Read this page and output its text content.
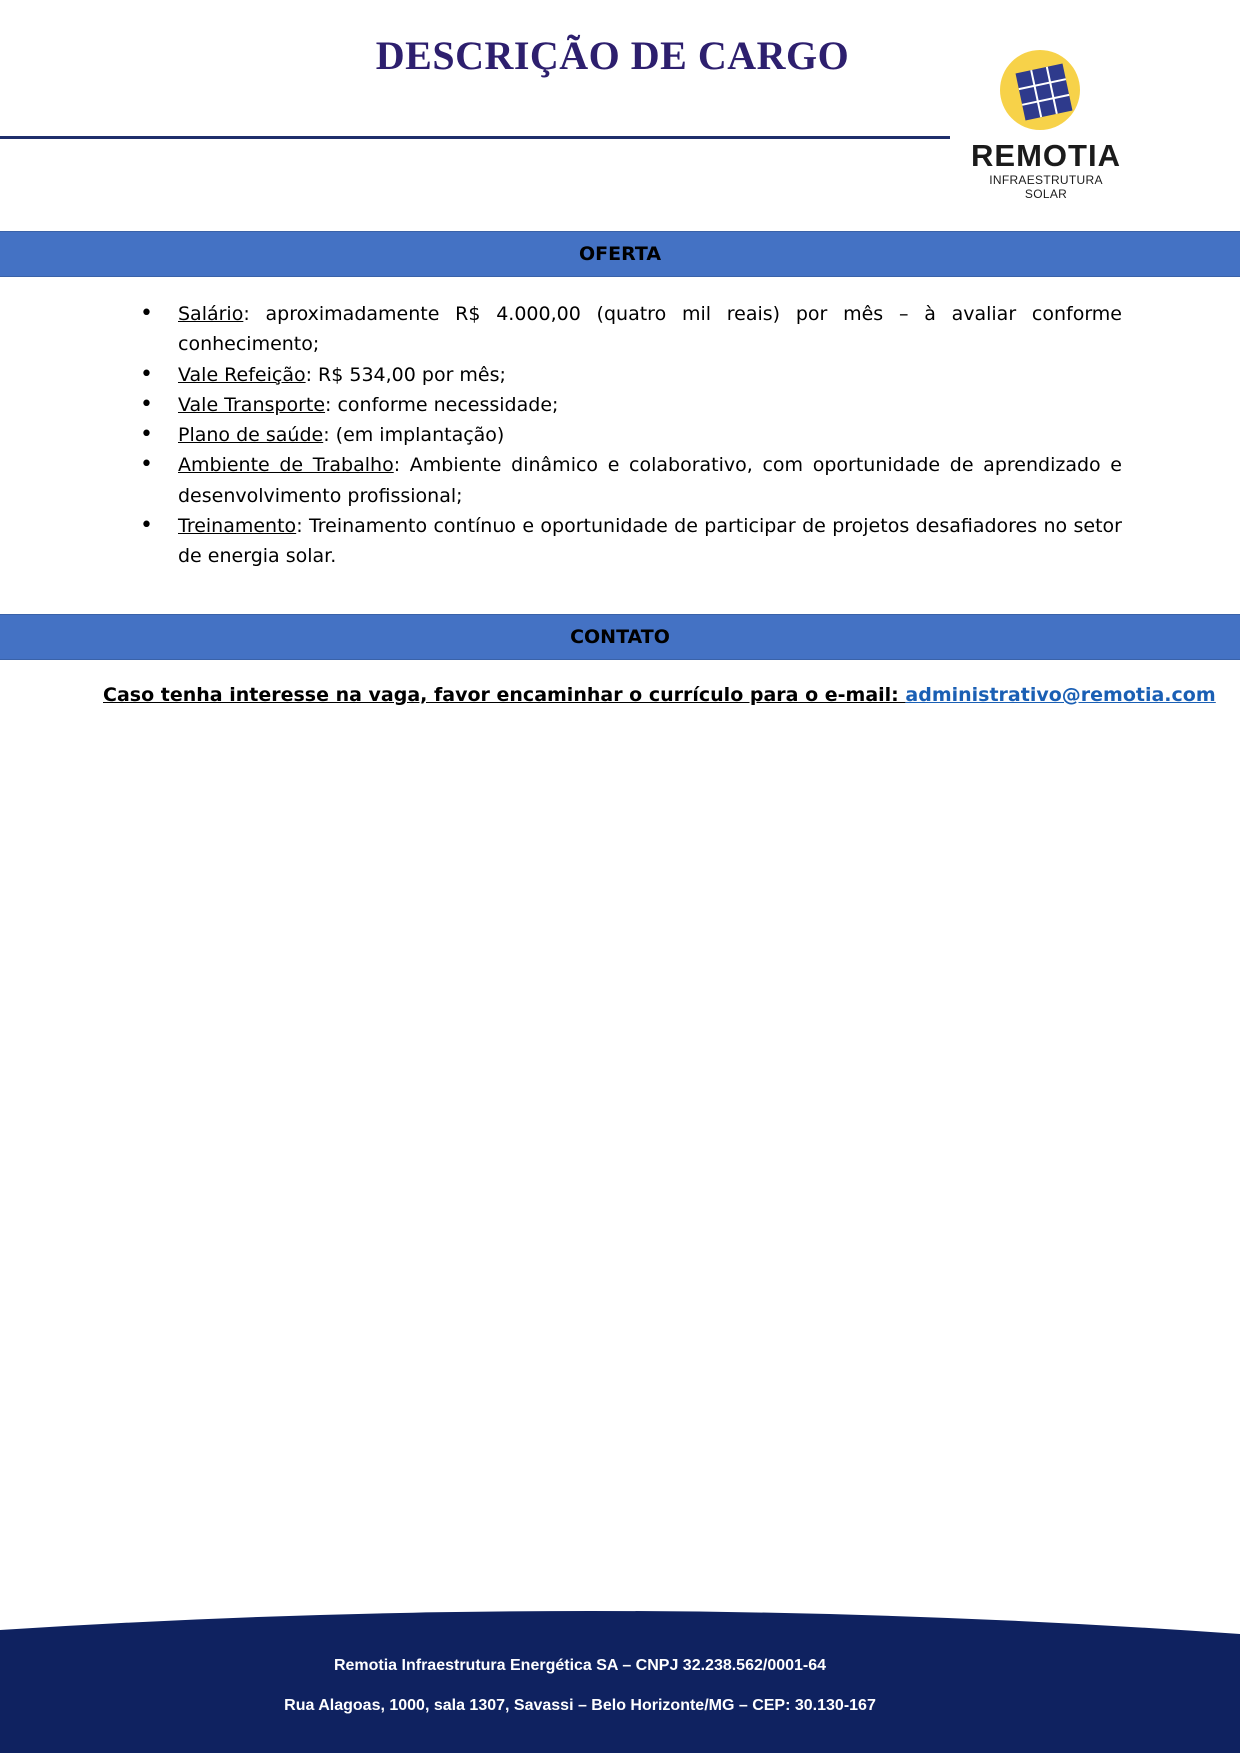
DESCRIÇÃO DE CARGO
REMOTIA
INFRAESTRUTURA SOLAR
OFERTA
• Salário: aproximadamente R$ 4.000,00 (quatro mil reais) por mês – à avaliar conforme conhecimento;
• Vale Refeição: R$ 534,00 por mês;
• Vale Transporte: conforme necessidade;
• Plano de saúde: (em implantação)
• Ambiente de Trabalho: Ambiente dinâmico e colaborativo, com oportunidade de aprendizado e desenvolvimento profissional;
• Treinamento: Treinamento contínuo e oportunidade de participar de projetos desafiadores no setor de energia solar.
CONTATO
Caso tenha interesse na vaga, favor encaminhar o currículo para o e-mail: administrativo@remotia.com
Remotia Infraestrutura Energética SA – CNPJ 32.238.562/0001-64
Rua Alagoas, 1000, sala 1307, Savassi – Belo Horizonte/MG – CEP: 30.130-167
